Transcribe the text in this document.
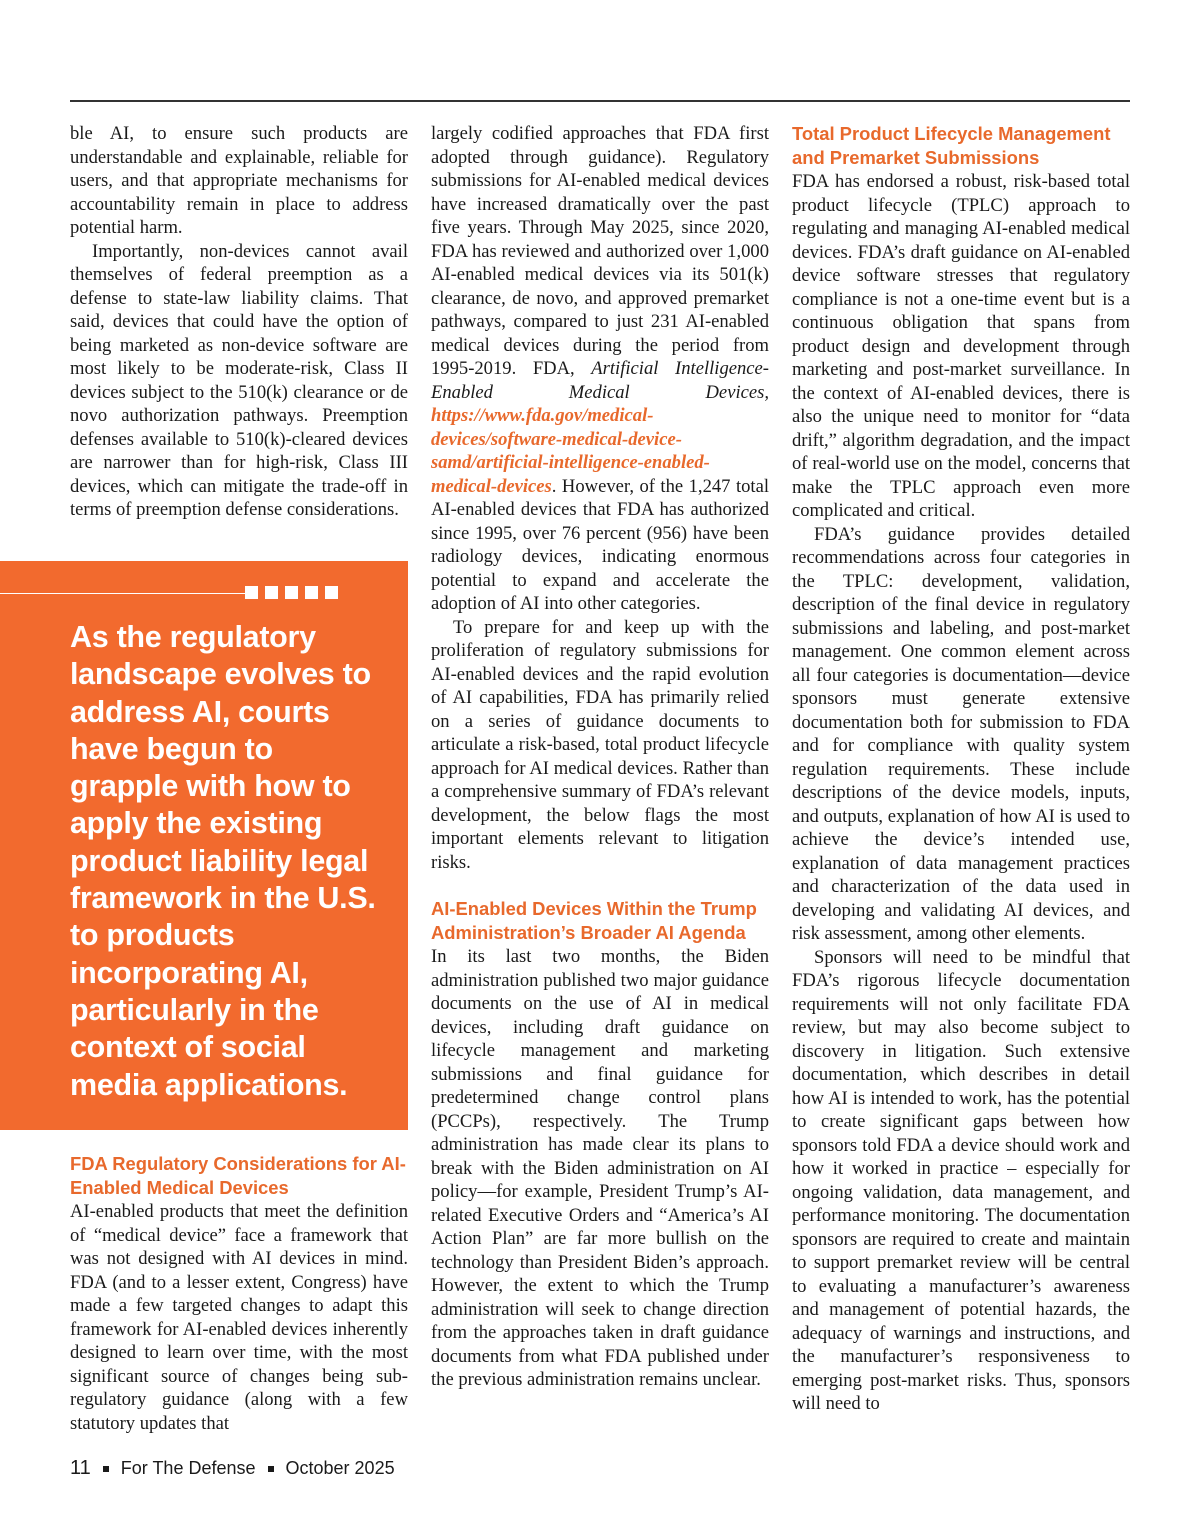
ble AI, to ensure such products are understandable and explainable, reliable for users, and that appropriate mechanisms for accountability remain in place to address potential harm.

Importantly, non-devices cannot avail themselves of federal preemption as a defense to state-law liability claims. That said, devices that could have the option of being marketed as non-device software are most likely to be moderate-risk, Class II devices subject to the 510(k) clearance or de novo authorization pathways. Preemption defenses available to 510(k)-cleared devices are narrower than for high-risk, Class III devices, which can mitigate the trade-off in terms of preemption defense considerations.

As the regulatory landscape evolves to address AI, courts have begun to grapple with how to apply the existing product liability legal framework in the U.S. to products incorporating AI, particularly in the context of social media applications.
FDA Regulatory Considerations for AI-Enabled Medical Devices

AI-enabled products that meet the definition of “medical device” face a framework that was not designed with AI devices in mind. FDA (and to a lesser extent, Congress) have made a few targeted changes to adapt this framework for AI-enabled devices inherently designed to learn over time, with the most significant source of changes being sub-regulatory guidance (along with a few statutory updates that

largely codified approaches that FDA first adopted through guidance). Regulatory submissions for AI-enabled medical devices have increased dramatically over the past five years. Through May 2025, since 2020, FDA has reviewed and authorized over 1,000 AI-enabled medical devices via its 501(k) clearance, de novo, and approved premarket pathways, compared to just 231 AI-enabled medical devices during the period from 1995-2019. FDA, Artificial Intelligence-Enabled Medical Devices, https://www.fda.gov/medical-devices/software-medical-device-samd/artificial-intelligence-enabled-medical-devices. However, of the 1,247 total AI-enabled devices that FDA has authorized since 1995, over 76 percent (956) have been radiology devices, indicating enormous potential to expand and accelerate the adoption of AI into other categories.

To prepare for and keep up with the proliferation of regulatory submissions for AI-enabled devices and the rapid evolution of AI capabilities, FDA has primarily relied on a series of guidance documents to articulate a risk-based, total product lifecycle approach for AI medical devices. Rather than a comprehensive summary of FDA’s relevant development, the below flags the most important elements relevant to litigation risks.

AI-Enabled Devices Within the Trump Administration’s Broader AI Agenda

In its last two months, the Biden administration published two major guidance documents on the use of AI in medical devices, including draft guidance on lifecycle management and marketing submissions and final guidance for predetermined change control plans (PCCPs), respectively. The Trump administration has made clear its plans to break with the Biden administration on AI policy—for example, President Trump’s AI-related Executive Orders and “America’s AI Action Plan” are far more bullish on the technology than President Biden’s approach. However, the extent to which the Trump administration will seek to change direction from the approaches taken in draft guidance documents from what FDA published under the previous administration remains unclear.

Total Product Lifecycle Management and Premarket Submissions

FDA has endorsed a robust, risk-based total product lifecycle (TPLC) approach to regulating and managing AI-enabled medical devices. FDA’s draft guidance on AI-enabled device software stresses that regulatory compliance is not a one-time event but is a continuous obligation that spans from product design and development through marketing and post-market surveillance. In the context of AI-enabled devices, there is also the unique need to monitor for “data drift,” algorithm degradation, and the impact of real-world use on the model, concerns that make the TPLC approach even more complicated and critical.

FDA’s guidance provides detailed recommendations across four categories in the TPLC: development, validation, description of the final device in regulatory submissions and labeling, and post-market management. One common element across all four categories is documentation—device sponsors must generate extensive documentation both for submission to FDA and for compliance with quality system regulation requirements. These include descriptions of the device models, inputs, and outputs, explanation of how AI is used to achieve the device’s intended use, explanation of data management practices and characterization of the data used in developing and validating AI devices, and risk assessment, among other elements.

Sponsors will need to be mindful that FDA’s rigorous lifecycle documentation requirements will not only facilitate FDA review, but may also become subject to discovery in litigation. Such extensive documentation, which describes in detail how AI is intended to work, has the potential to create significant gaps between how sponsors told FDA a device should work and how it worked in practice – especially for ongoing validation, data management, and performance monitoring. The documentation sponsors are required to create and maintain to support premarket review will be central to evaluating a manufacturer’s awareness and management of potential hazards, the adequacy of warnings and instructions, and the manufacturer’s responsiveness to emerging post-market risks. Thus, sponsors will need to

11 For The Defense October 2025
